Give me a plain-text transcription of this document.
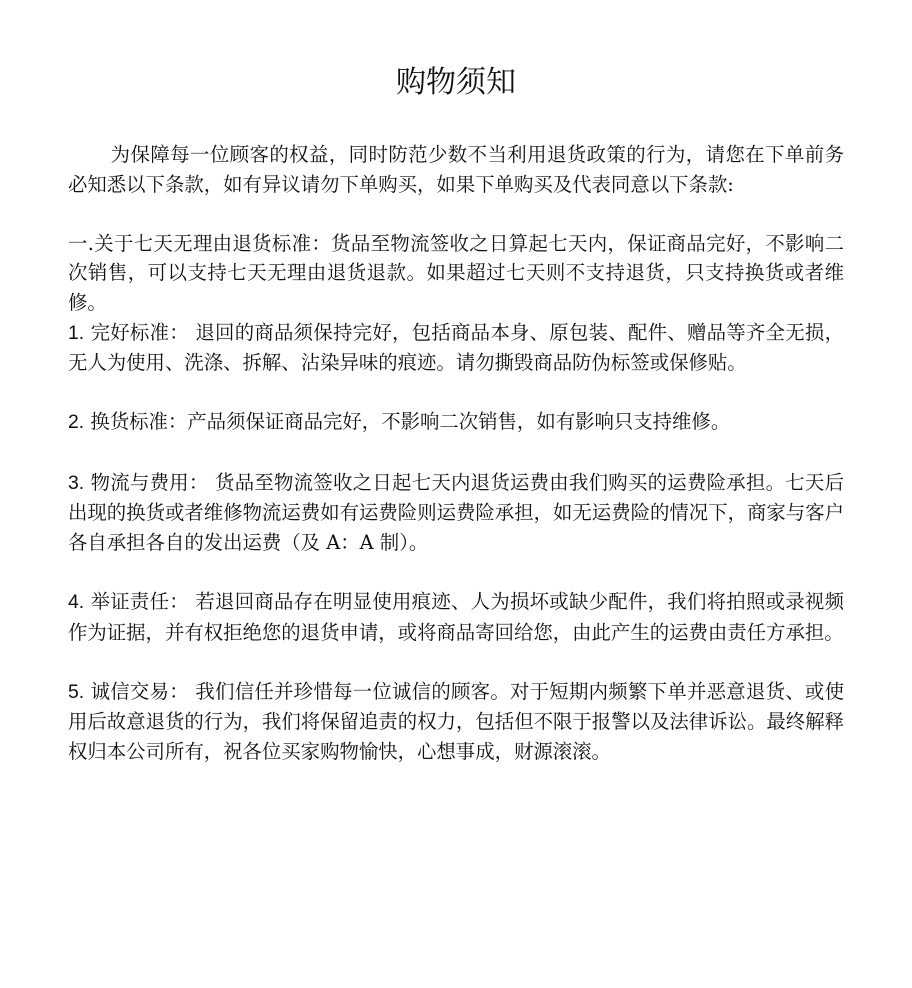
购物须知

为保障每一位顾客的权益，同时防范少数不当利用退货政策的行为，请您在下单前务必知悉以下条款，如有异议请勿下单购买，如果下单购买及代表同意以下条款:

一.关于七天无理由退货标准：货品至物流签收之日算起七天内，保证商品完好，不影响二次销售，可以支持七天无理由退货退款。如果超过七天则不支持退货，只支持换货或者维修。

1. 完好标准： 退回的商品须保持完好，包括商品本身、原包装、配件、赠品等齐全无损，无人为使用、洗涤、拆解、沾染异味的痕迹。请勿撕毁商品防伪标签或保修贴。

2. 换货标准：产品须保证商品完好，不影响二次销售，如有影响只支持维修。

3. 物流与费用： 货品至物流签收之日起七天内退货运费由我们购买的运费险承担。七天后出现的换货或者维修物流运费如有运费险则运费险承担，如无运费险的情况下，商家与客户各自承担各自的发出运费（及 A：A 制）。

4. 举证责任： 若退回商品存在明显使用痕迹、人为损坏或缺少配件，我们将拍照或录视频作为证据，并有权拒绝您的退货申请，或将商品寄回给您，由此产生的运费由责任方承担。

5. 诚信交易： 我们信任并珍惜每一位诚信的顾客。对于短期内频繁下单并恶意退货、或使用后故意退货的行为，我们将保留追责的权力，包括但不限于报警以及法律诉讼。最终解释权归本公司所有，祝各位买家购物愉快，心想事成，财源滚滚。
